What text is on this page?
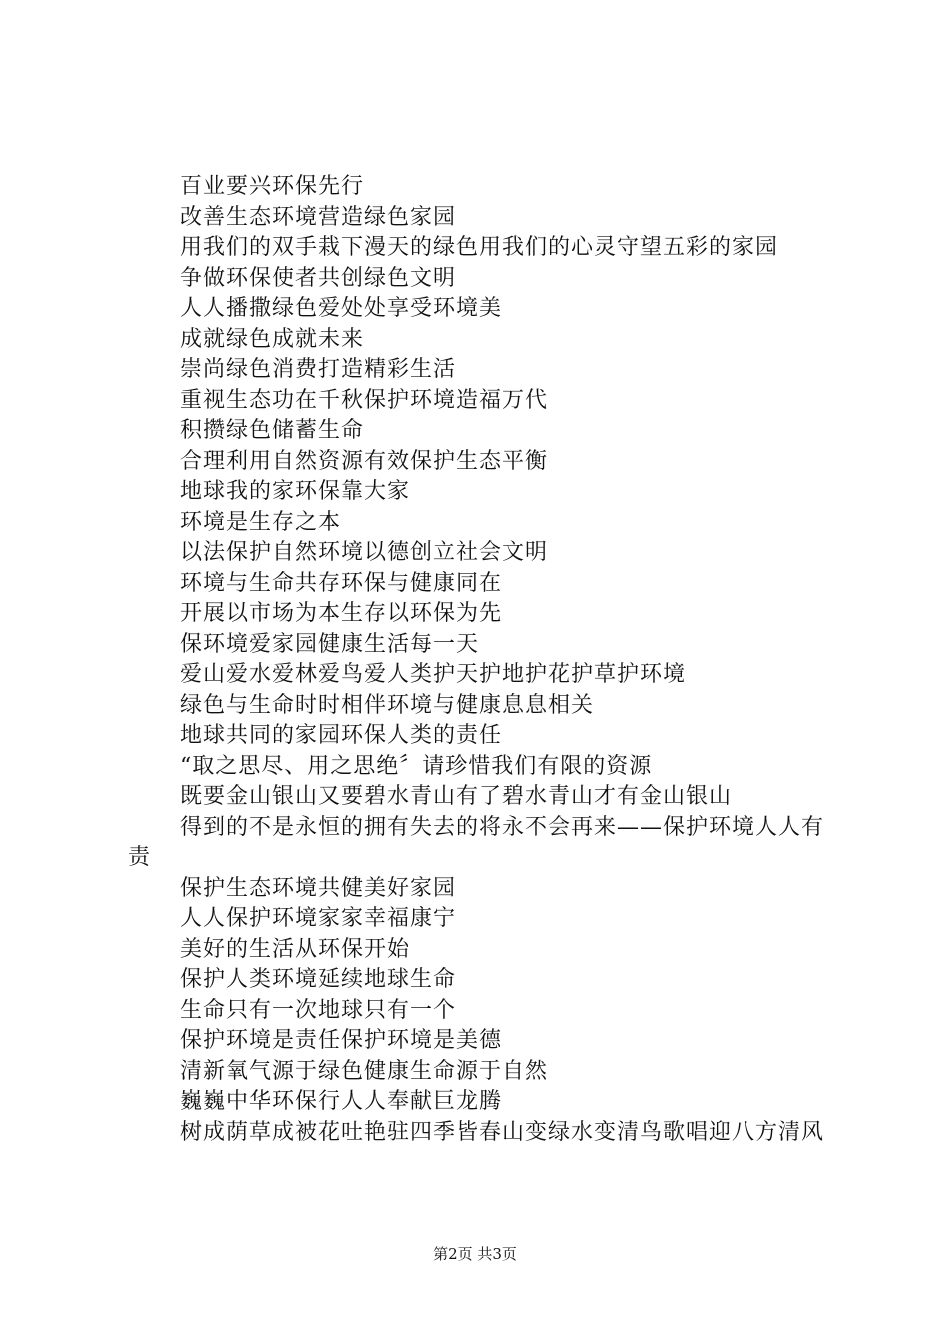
百业要兴环保先行

改善生态环境营造绿色家园

用我们的双手栽下漫天的绿色用我们的心灵守望五彩的家园

争做环保使者共创绿色文明

人人播撒绿色爱处处享受环境美

成就绿色成就未来

崇尚绿色消费打造精彩生活

重视生态功在千秋保护环境造福万代

积攒绿色储蓄生命

合理利用自然资源有效保护生态平衡

地球我的家环保靠大家

环境是生存之本

以法保护自然环境以德创立社会文明

环境与生命共存环保与健康同在

开展以市场为本生存以环保为先

保环境爱家园健康生活每一天

爱山爱水爱林爱鸟爱人类护天护地护花护草护环境

绿色与生命时时相伴环境与健康息息相关

地球共同的家园环保人类的责任

“取之思尽、用之思绝〞请珍惜我们有限的资源

既要金山银山又要碧水青山有了碧水青山才有金山银山

得到的不是永恒的拥有失去的将永不会再来——保护环境人人有责

保护生态环境共健美好家园

人人保护环境家家幸福康宁

美好的生活从环保开始

保护人类环境延续地球生命

生命只有一次地球只有一个

保护环境是责任保护环境是美德

清新氧气源于绿色健康生命源于自然

巍巍中华环保行人人奉献巨龙腾

树成荫草成被花吐艳驻四季皆春山变绿水变清鸟歌唱迎八方清风

第2页 共3页
